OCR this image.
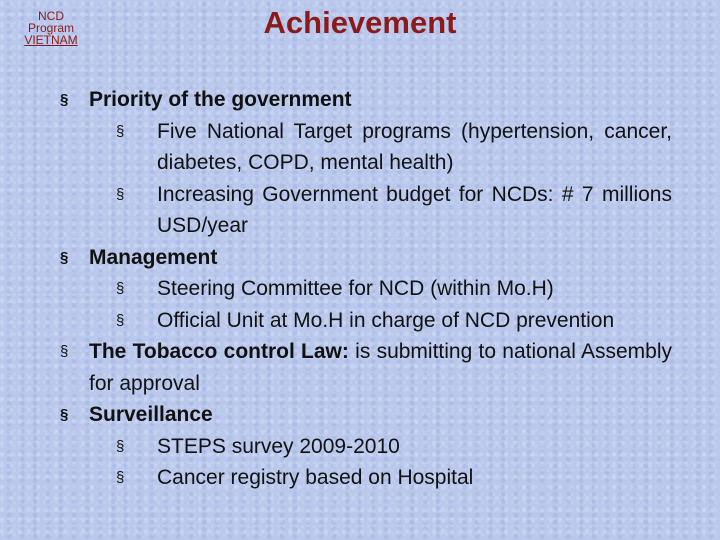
NCD
Program
VIETNAM	Achievement
§ Priority of the government
§ Five National Target programs (hypertension, cancer, diabetes, COPD, mental health)
§ Increasing Government budget for NCDs: # 7 millions USD/year
§ Management
§ Steering Committee for NCD (within Mo.H)
§ Official Unit at Mo.H in charge of NCD prevention
§ The Tobacco control Law: is submitting to national Assembly for approval
§ Surveillance
§ STEPS survey 2009-2010
§ Cancer registry based on Hospital
